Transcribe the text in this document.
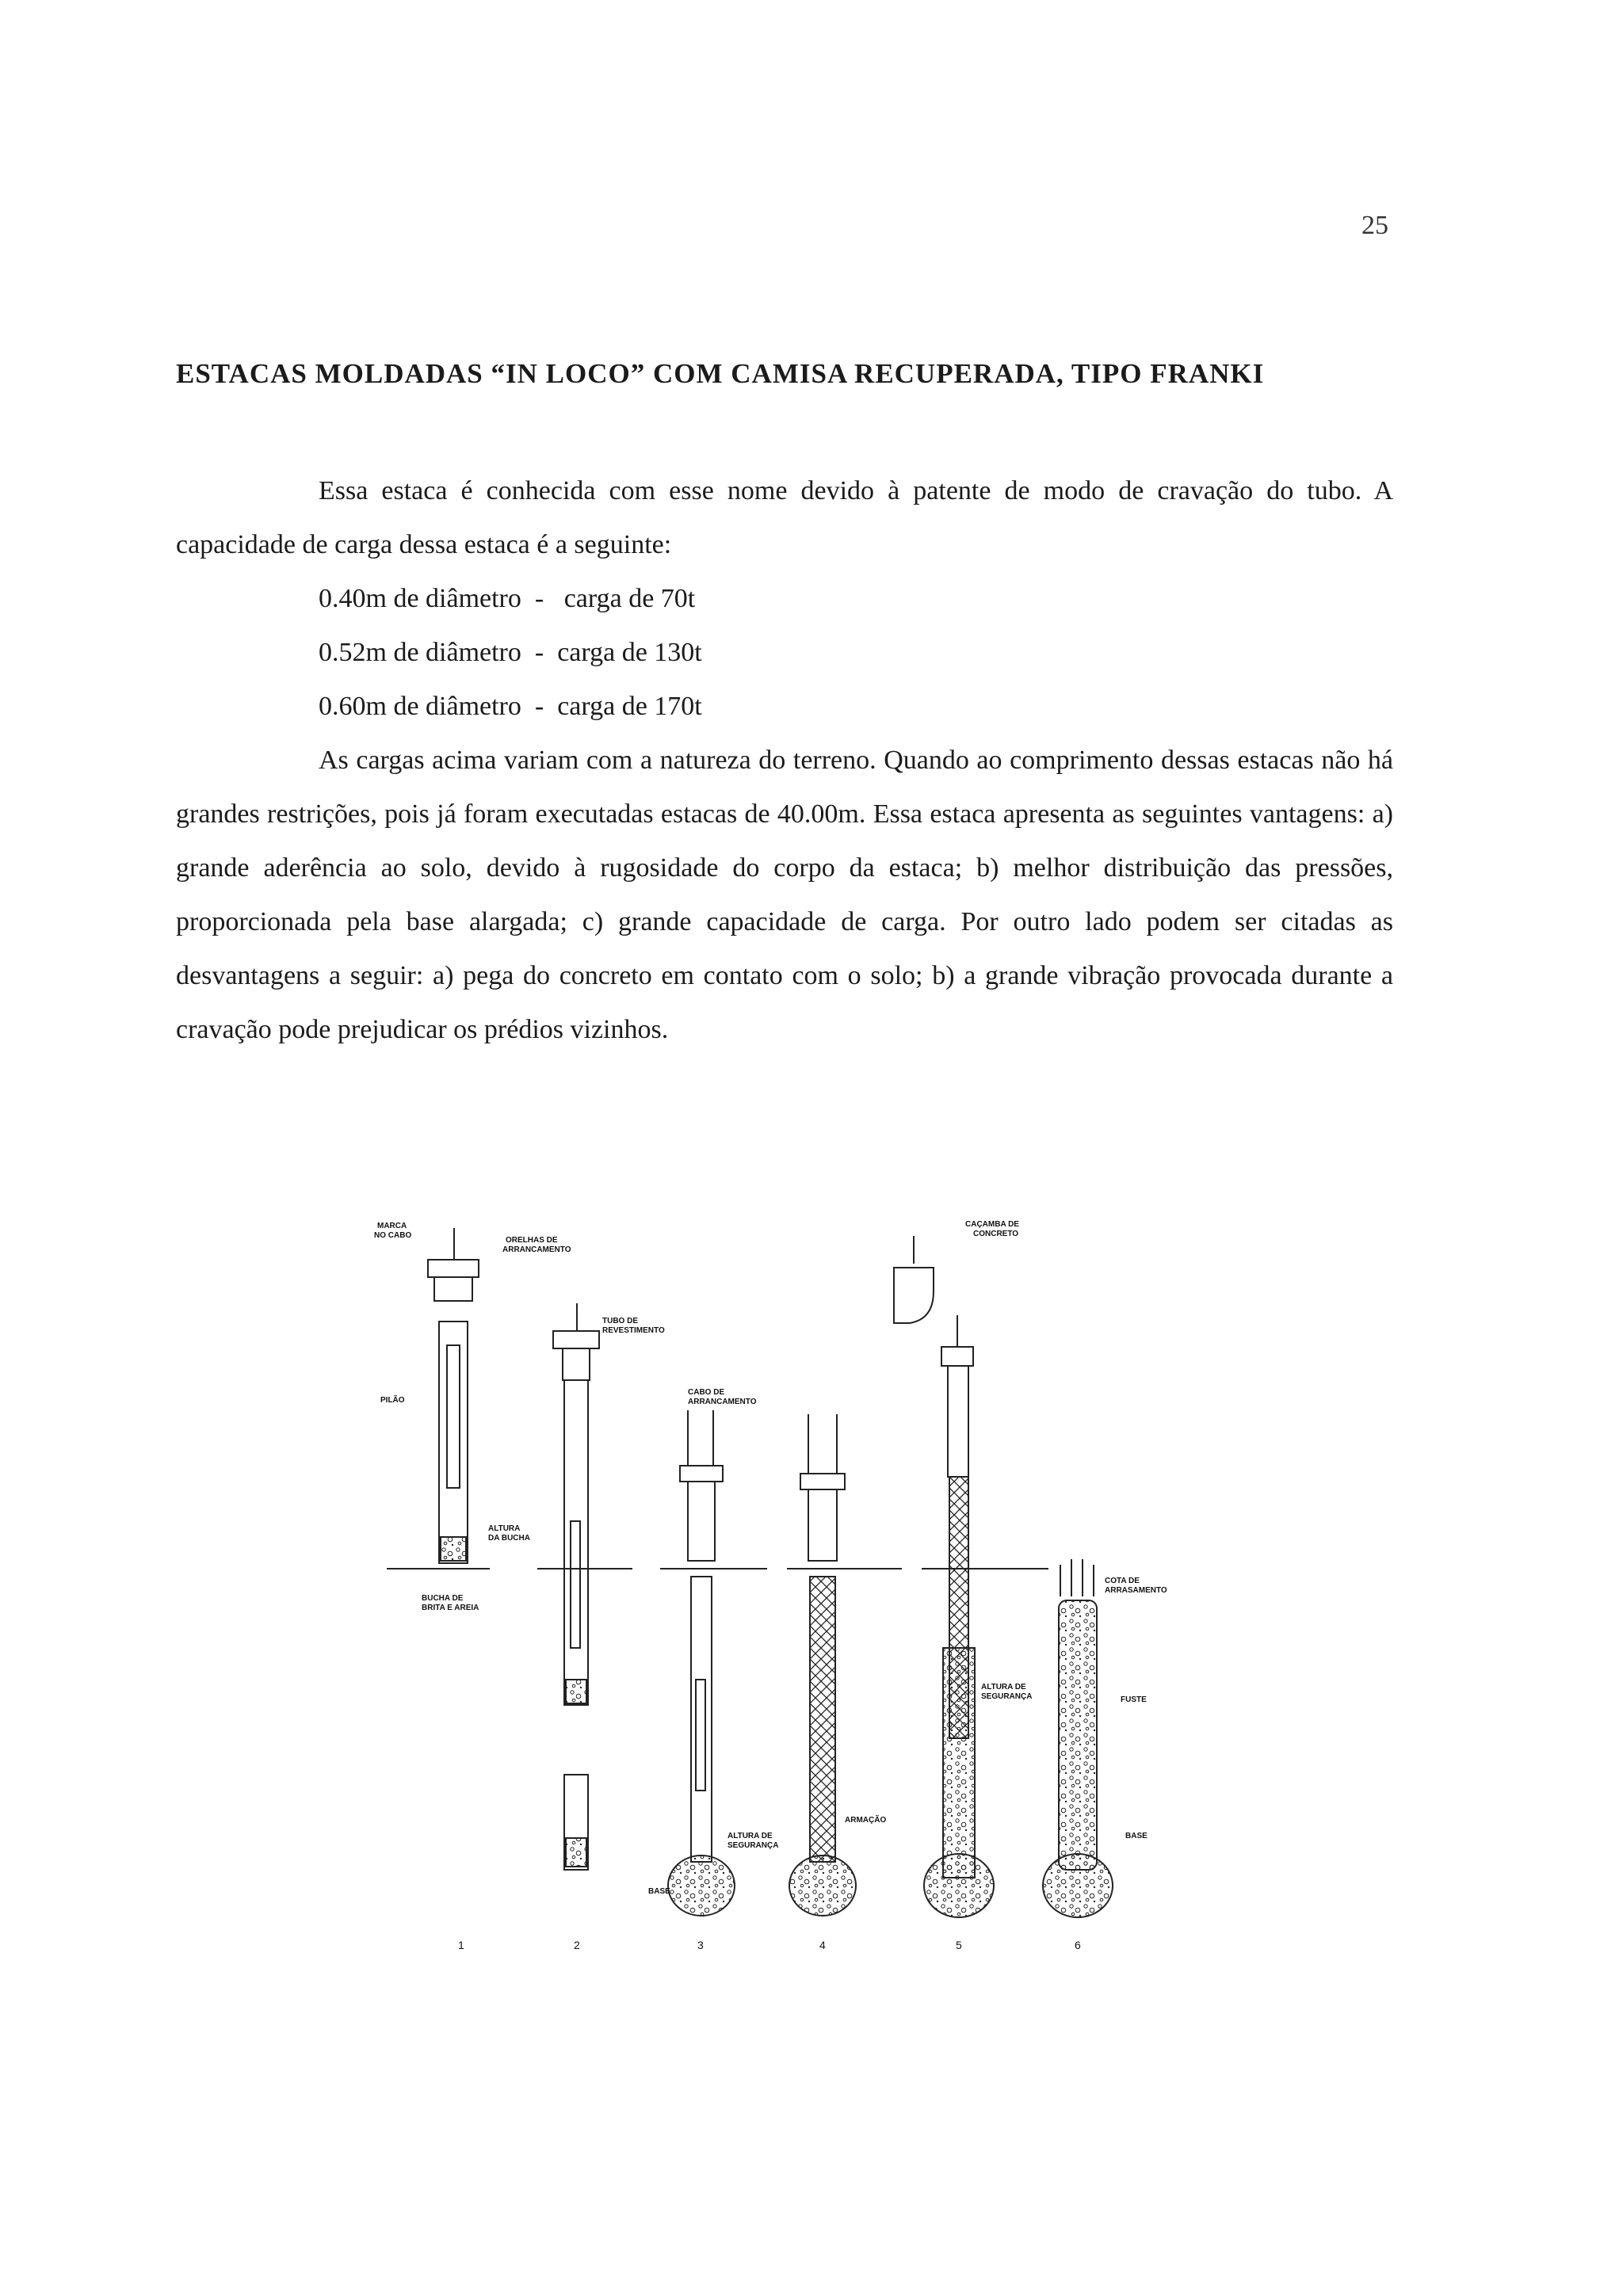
25
ESTACAS MOLDADAS “IN LOCO” COM CAMISA RECUPERADA, TIPO FRANKI

Essa estaca é conhecida com esse nome devido à patente de modo de cravação do tubo. A capacidade de carga dessa estaca é a seguinte:

0.40m de diâmetro - carga de 70t
0.52m de diâmetro - carga de 130t
0.60m de diâmetro - carga de 170t

As cargas acima variam com a natureza do terreno. Quando ao comprimento dessas estacas não há grandes restrições, pois já foram executadas estacas de 40.00m. Essa estaca apresenta as seguintes vantagens: a) grande aderência ao solo, devido à rugosidade do corpo da estaca; b) melhor distribuição das pressões, proporcionada pela base alargada; c) grande capacidade de carga. Por outro lado podem ser citadas as desvantagens a seguir: a) pega do concreto em contato com o solo; b) a grande vibração provocada durante a cravação pode prejudicar os prédios vizinhos.

MARCA
NO CABO
ORELHAS DE
ARRANCAMENTO
PILÃO
ALTURA
DA BUCHA
BUCHA DE
BRITA E AREIA
TUBO DE
REVESTIMENTO
CABO DE
ARRANCAMENTO
ALTURA DE
SEGURANÇA
BASE
ARMAÇÃO
CAÇAMBA DE
CONCRETO
ALTURA DE
SEGURANÇA
COTA DE
ARRASAMENTO
FUSTE
BASE
1	2	3	4	5	6
